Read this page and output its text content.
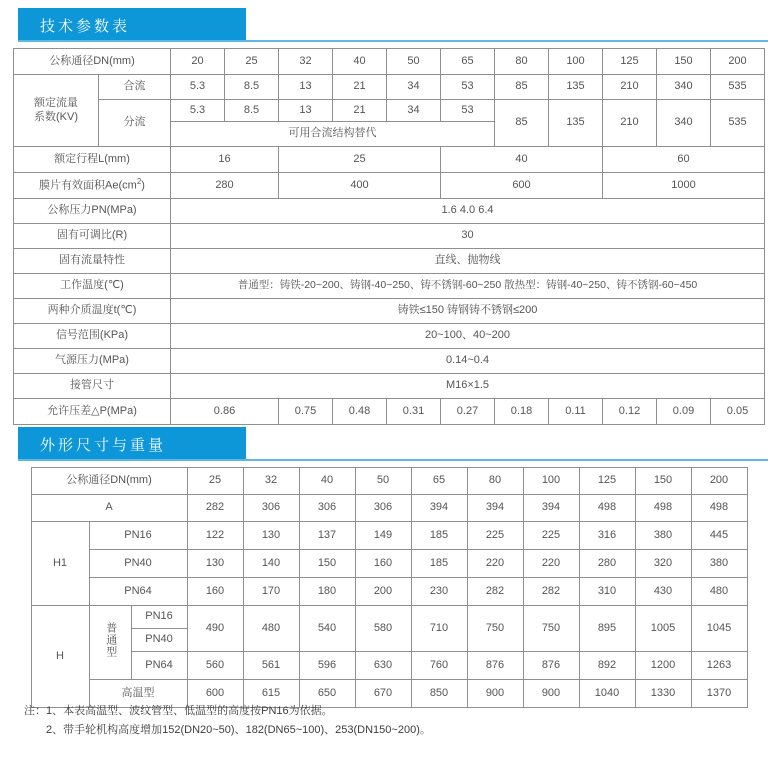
技术参数表
公称通径DN(mm)		20	25	32	40	50	65	80	100	125	150	200

额定流量
系数(KV)	合流	5.3	8.5	13	21	34	53	85	135	210	340	535
	分流	5.3	8.5	13	21	34	53	85	135	210	340	535
		可用合流结构替代										
额定行程L(mm)		16		25			40			60		
膜片有效面积$Ae(cm^2)$		280		400			600			1000		
公称压力PN(MPa)		1.6 4.0 6.4										
固有可调比(R)		30										
固有流量特性		直线、抛物线										
工作温度(℃)		普通型：铸铁-20~200、铸钢-40~250、铸不锈钢-60~250 散热型：铸钢-40~250、铸不锈钢-60~450										
两种介质温度t(℃)		铸铁≤150 铸钢铸不锈钢≤200										
信号范围(KPa)		20~100、40~200										
气源压力(MPa)		0.14~0.4										
接管尺寸		M16×1.5										
允许压差△P(MPa)		0.86		0.75	0.48	0.31	0.27	0.18	0.11	0.12	0.09	0.05
外形尺寸与重量
公称通径DN(mm)			25	32	40	50	65	80	100	125	150	200
A			282	306	306	306	394	394	394	498	498	498
H1	PN16		122	130	137	149	185	225	225	316	380	445
	PN40		130	140	150	160	185	220	220	280	320	380
	PN64		160	170	180	200	230	282	282	310	430	480
H	普通型	PN16	490	480	540	580	710	750	750	895	1005	1045
		PN40										
		PN64	560	561	596	630	760	876	876	892	1200	1263
	高温型		600	615	650	670	850	900	900	1040	1330	1370
注：1、本表高温型、波纹管型、低温型的高度按PN16为依据。
2、带手轮机构高度增加152(DN20~50)、182(DN65~100)、253(DN150~200)。
